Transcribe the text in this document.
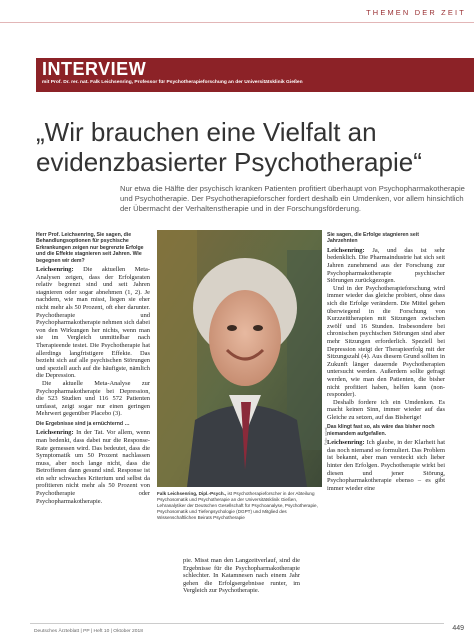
THEMEN DER ZEIT
INTERVIEW
mit Prof. Dr. rer. nat. Falk Leichsenring, Professor für Psychotherapieforschung an der Universitätsklinik Gießen
„Wir brauchen eine Vielfalt an evidenzbasierter Psychotherapie“
Nur etwa die Hälfte der psychisch kranken Patienten profitiert überhaupt von Psychopharmakotherapie und Psychotherapie. Der Psychotherapieforscher fordert deshalb ein Umdenken, vor allem hinsichtlich der Übermacht der Verhaltenstherapie und in der Forschungsförderung.

Herr Prof. Leichsenring, Sie sagen, die Behandlungsoptionen für psychische Erkrankungen zeigen nur begrenzte Erfolge und die Effekte stagnieren seit Jahren. Wie begegnen wir dem?

Leichsenring: Die aktuellen Meta-Analysen zeigen, dass der Erfolgsraten relativ begrenzt sind und seit Jahren stagnieren oder sogar abnehmen (1, 2). Je nachdem, wie man misst, liegen sie eher nicht mehr als 50 Prozent, oft eher darunter. Psychotherapie und Psychopharmakotherapie nehmen sich dabei von den Wirkungen her nichts, wenn man sie im Vergleich unmittelbar nach Therapieende testet. Die Psychotherapie hat allerdings langfristigere Effekte. Das bezieht sich auf alle psychischen Störungen und speziell auch auf die häufigste, nämlich die Depression.

Die aktuelle Meta-Analyse zur Psychopharmakotherapie bei Depression, die 523 Studien und 116 572 Patienten umfasst, zeigt sogar nur einen geringen Mehrwert gegenüber Placebo (3).

Die Ergebnisse sind ja ernüchternd …

Leichsenring: In der Tat. Vor allem, wenn man bedenkt, dass dabei nur die Response-Rate gemessen wird. Das bedeutet, dass die Symptomatik um 50 Prozent nachlassen muss, aber noch lange nicht, dass die Betroffenen dann gesund sind. Response ist ein sehr schwaches Kriterium und selbst da profitieren nicht mehr als 50 Prozent von Psychotherapie oder Psychopharmakotherapie.

Foto: privat
Falk Leichsenring, Dipl.-Psych., ist Psychotherapieforscher in der Abteilung Psychosomatik und Psychotherapie an der Universitätsklinik Gießen, Lehranalytiker der Deutschen Gesellschaft für Psychoanalyse, Psychotherapie, Psychosomatik und Tiefenpsychologie (DGPT) und Mitglied des Wissenschaftlichen Beirats Psychotherapie

pie. Misst man den Langzeitverlauf, sind die Ergebnisse für die Psychopharmakotherapie schlechter. In Katamnesen nach einem Jahr gehen die Erfolgsergebnisse runter, im Vergleich zur Psychotherapie.

Sie sagen, die Erfolge stagnieren seit Jahrzehnten

Leichsenring: Ja, und das ist sehr bedenklich. Die Pharmaindustrie hat sich seit Jahren zunehmend aus der Forschung zur Psychopharmakotherapie psychischer Störungen zurückgezogen.

Und in der Psychotherapieforschung wird immer wieder das gleiche probiert, ohne dass sich die Erfolge verändern. Die Mittel gehen überwiegend in die Forschung von Kurzzeittherapien mit Sitzungen zwischen zwölf und 16 Stunden. Insbesondere bei chronischen psychischen Störungen sind aber mehr Sitzungen erforderlich. Speziell bei Depression steigt der Therapieerfolg mit der Sitzungszahl (4). Aus diesem Grund sollten in Zukunft länger dauernde Psychotherapien untersucht werden. Außerdem sollte gefragt werden, wie man den Patienten, die bisher nicht profitiert haben, helfen kann (non-responder).

Deshalb fordere ich ein Umdenken. Es macht keinen Sinn, immer wieder auf das Gleiche zu setzen, auf das Bisherige!

Das klingt fast so, als wäre das bisher noch niemandem aufgefallen.

Leichsenring: Ich glaube, in der Klarheit hat das noch niemand so formuliert. Das Problem ist bekannt, aber man versteckt sich lieber hinter den Erfolgen. Psychotherapie wirkt bei diesen und jener Störung, Psychopharmakotherapie ebenso – es gibt immer wieder eine

Deutsches Ärzteblatt | PP | Heft 10 | Oktober 2018	449
